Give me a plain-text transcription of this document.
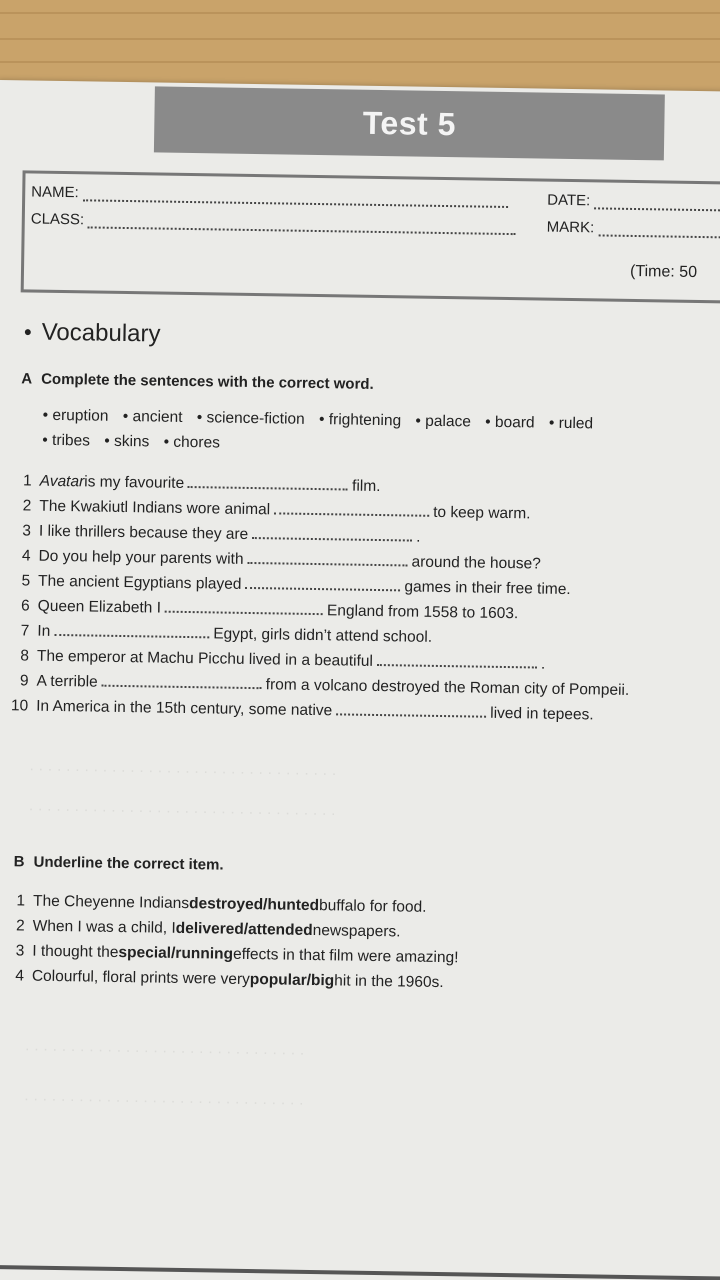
Test 5
NAME:
CLASS:
DATE:
MARK:
(Time: 50
• Vocabulary
A Complete the sentences with the correct word.
• eruption • ancient • science-fiction • frightening • palace • board • ruled
• tribes • skins • chores
1 Avatar is my favourite	film.
2 The Kwakiutl Indians wore animal	to keep warm.
3 I like thrillers because they are	.
4 Do you help your parents with	around the house?
5 The ancient Egyptians played	games in their free time.
6 Queen Elizabeth I	England from 1558 to 1603.
7 In	Egypt, girls didn’t attend school.
8 The emperor at Machu Picchu lived in a beautiful	.
9 A terrible	from a volcano destroyed the Roman city of Pompeii.
10 In America in the 15th century, some native	lived in tepees.
· · · · · · · · · · · · · · · · · · · · · · · · · · · · · · · · · ·
· · · · · · · · · · · · · · · · · · · · · · · · · · · · · · · · · ·
B Underline the correct item.
1 The Cheyenne Indians destroyed/hunted buffalo for food.
2 When I was a child, I delivered/attended newspapers.
3 I thought the special/running effects in that film were amazing!
4 Colourful, floral prints were very popular/big hit in the 1960s.
· · · · · · · · · · · · · · · · · · · · · · · · · · · · · · ·
· · · · · · · · · · · · · · · · · · · · · · · · · · · · · · ·
